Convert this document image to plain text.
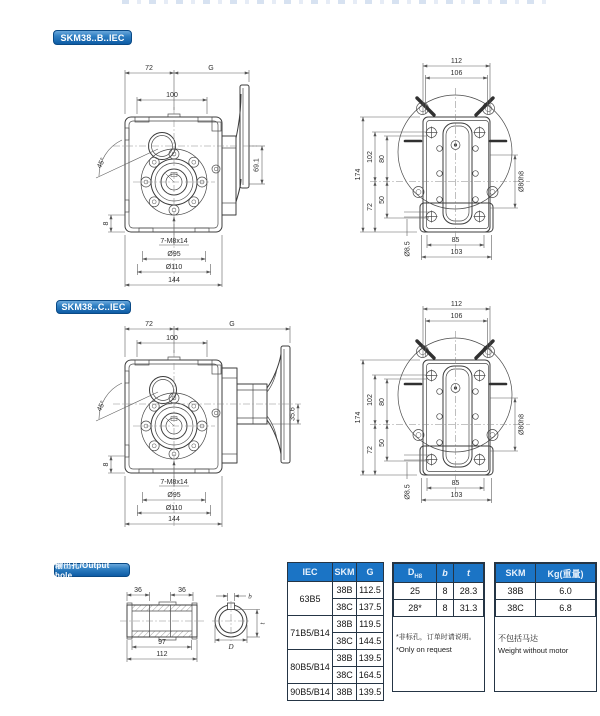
SKM38..B..IEC
72	G
100
45°	69.1
8
7-M8x14
Ø95
Ø110
144
112
106
174
102 80
72
50
Ø80h8
Ø8.5
85
103
SKM38..C..IEC
72	G
100
45°
35.6
8
7-M8x14
Ø95
Ø110
144
112
106
174
102 80
72
50
Ø80h8
Ø8.5
85
103
输出孔/Output hole
36	36
97
112
b
t
D
IEC	SKM	G
63B5	38B	112.5
	38C	137.5
71B5/B14	38B	119.5
	38C	144.5
80B5/B14	38B	139.5
	38C	164.5
90B5/B14	38B	139.5
$D_{H8}$	b	t
25	8	28.3
28*	8	31.3
*非标孔，订单时请说明。
*Only on request
SKM	Kg(重量)
38B	6.0
38C	6.8
不包括马达
Weight without motor
